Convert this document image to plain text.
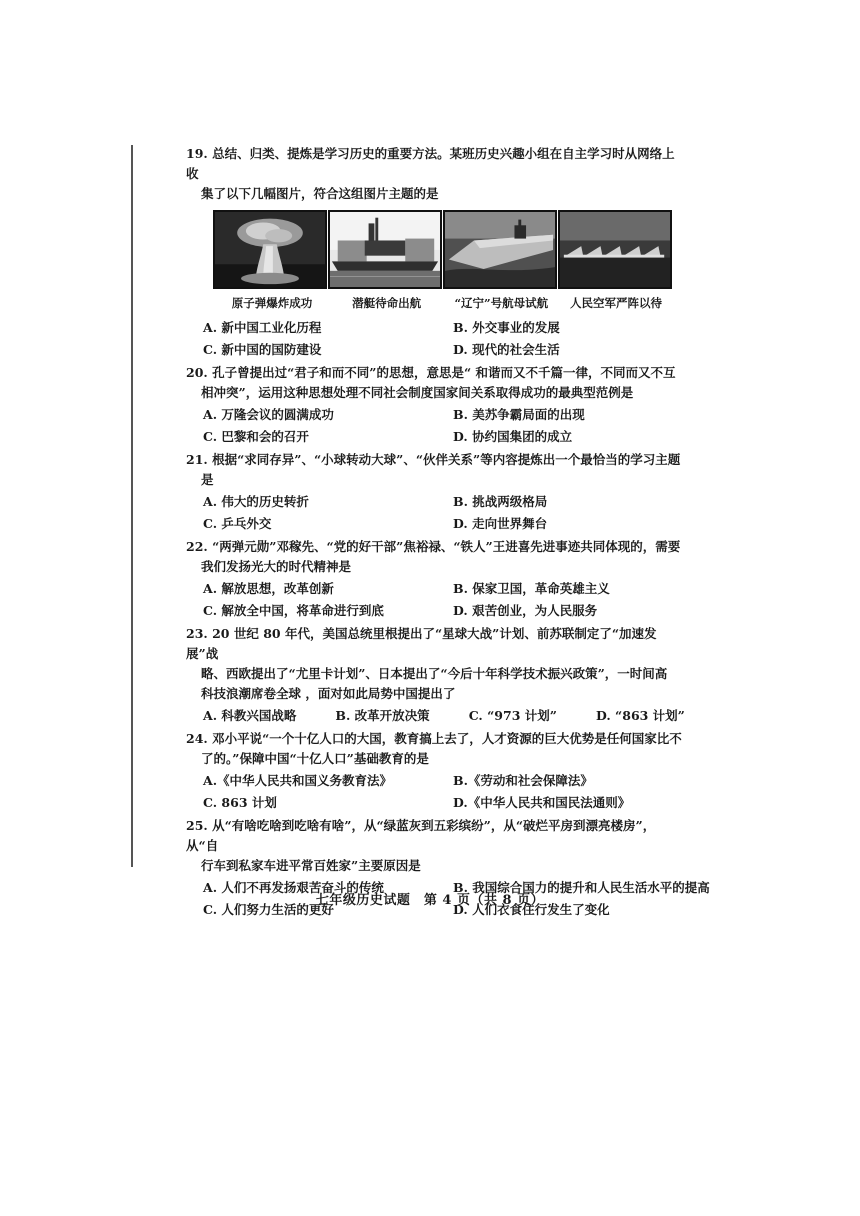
19. 总结、归类、提炼是学习历史的重要方法。某班历史兴趣小组在自主学习时从网络上收
集了以下几幅图片，符合这组图片主题的是
原子弹爆炸成功	潜艇待命出航	“辽宁”号航母试航	人民空军严阵以待
A. 新中国工业化历程	B. 外交事业的发展
C. 新中国的国防建设	D. 现代的社会生活
20. 孔子曾提出过“君子和而不同”的思想，意思是“ 和谐而又不千篇一律，不同而又不互
相冲突”，运用这种思想处理不同社会制度国家间关系取得成功的最典型范例是
A. 万隆会议的圆满成功	B. 美苏争霸局面的出现
C. 巴黎和会的召开	D. 协约国集团的成立
21. 根据“求同存异”、“小球转动大球”、“伙伴关系”等内容提炼出一个最恰当的学习主题
是
A. 伟大的历史转折	B. 挑战两级格局
C. 乒乓外交	D. 走向世界舞台
22. “两弹元勋”邓稼先、“党的好干部”焦裕禄、“铁人”王进喜先进事迹共同体现的，需要
我们发扬光大的时代精神是
A. 解放思想，改革创新	B. 保家卫国，革命英雄主义
C. 解放全中国，将革命进行到底	D. 艰苦创业，为人民服务
23. 20 世纪 80 年代，美国总统里根提出了“星球大战”计划、前苏联制定了“加速发展”战
略、西欧提出了“尤里卡计划”、日本提出了“今后十年科学技术振兴政策”，一时间高
科技浪潮席卷全球 ，面对如此局势中国提出了
A. 科教兴国战略	B. 改革开放决策	C. “973 计划”	D. “863 计划”
24. 邓小平说“一个十亿人口的大国，教育搞上去了，人才资源的巨大优势是任何国家比不
了的。”保障中国“十亿人口”基础教育的是
A.《中华人民共和国义务教育法》	B.《劳动和社会保障法》
C. 863 计划	D.《中华人民共和国民法通则》
25. 从“有啥吃啥到吃啥有啥”，从“绿蓝灰到五彩缤纷”，从“破烂平房到漂亮楼房”，从“自
行车到私家车进平常百姓家”主要原因是
A. 人们不再发扬艰苦奋斗的传统	B. 我国综合国力的提升和人民生活水平的提高
C. 人们努力生活的更好	D. 人们衣食住行发生了变化
七年级历史试题　第 4 页（共 8 页）
